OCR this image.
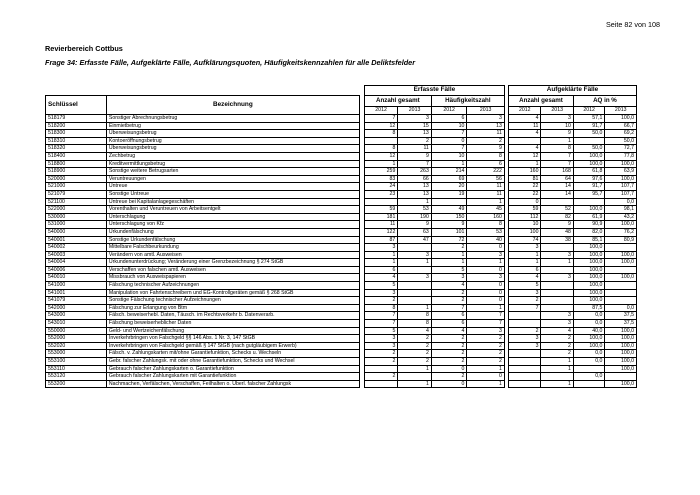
Seite 82 von 108
Revierbereich Cottbus
Frage 34: Erfasste Fälle, Aufgeklärte Fälle, Aufklärungsquoten, Häufigkeitskennzahlen für alle Deliktsfelder
			Erfasste Fälle					Aufgeklärte Fälle			
Schlüssel	Bezeichnung		Anzahl gesamt		Häufigkeitszahl			Anzahl gesamt		AQ in %	
			2012	2013	2012	2013		2012	2013	2012	2013
518179	Sonstiger Abrechnungsbetrug		7	3	6	3		4	3	57,1	100,0
518200	Einmietbetrug		12	15	10	13		11	10	91,7	66,7
518300	Überweisungsbetrug		8	13	7	11		4	9	50,0	69,2
518310	Kontoeröffnungsbetrug			2	0	2			1		50,0
518320	Überweisungsbetrug		8	11	7	9		4	8	50,0	72,7
518400	Zechbetrug		12	9	10	8		12	7	100,0	77,8
518800	Kreditvermittlungsbetrug		1	7	1	6		1	7	100,0	100,0
518900	Sonstige weitere Betrugsarten		259	263	214	222		160	168	61,8	63,9
520000	Veruntreuungen		83	66	69	56		81	64	97,6	100,0
521000	Untreue		24	13	20	11		22	14	91,7	107,7
521079	Sonstige Untreue		23	13	19	11		22	14	95,7	107,7
521100	Untreue bei Kapitalanlagegeschäften			1		1		0			0,0
522000	Vorenthalten und Veruntreuen von Arbeitsentgelt		59	53	49	45		59	52	100,0	98,1
530000	Unterschlagung		181	190	150	160		112	82	61,9	43,2
531000	Unterschlagung von Kfz		11	9	9	8		10	9	90,9	100,0
540000	Urkundenfälschung		122	63	101	53		100	48	82,0	76,2
540001	Sonstige Urkundenfälschung		87	47	72	40		74	38	85,1	80,9
540002	Mittelbare Falschbeurkundung		3		2	0		3		100,0	
540003	Verändern von amtl. Ausweisen		1	3	1	3		1	3	100,0	100,0
540004	Urkundenunterdrückung; Veränderung einer Grenzbezeichnung § 274 StGB		1	1	1	1		1	1	100,0	100,0
540006	Verschaffen von falschen amtl. Ausweisen		6		5	0		6		100,0	
540010	Missbrauch von Ausweispapieren		4	3	3	3		4	3	100,0	100,0
541000	Fälschung technischer Aufzeichnungen		5		4	0		5		100,0	
541001	Manipulation von Fahrtenschreibern und EG-Kontrollgeräten gemäß § 268 StGB		3		2	0		3		100,0	
541079	Sonstige Fälschung technischer Aufzeichnungen		2		2	0		2		100,0	
542000	Fälschung zur Erlangung von Btm		8	1	7	1		7		87,5	0,0
543000	Fälsch. beweiserhebl. Daten, Täusch. im Rechtsverkehr b. Datenverarb.		7	8	6	7			3	0,0	37,5
543010	Fälschung beweiserheblicher Daten		7	8	6	7			3	0,0	37,5
550000	Geld- und Wertzeichenfälschung		5	4	4	3		2	4	40,0	100,0
552000	Inverkehrbringen von Falschgeld §§ 146 Abs. 1 Nr. 3, 147 StGB		3	2	2	2		3	2	100,0	100,0
552020	Inverkehrbringen von Falschgeld gemäß § 147 StGB (nach gutgläubigem Erwerb)		3	2	2	2		3	2	100,0	100,0
553000	Fälsch. v. Zahlungskarten mit/ohne Garantiefunktion, Schecks u. Wechseln		2	2	2	2			2	0,0	100,0
553100	Gebr. falscher Zahlungsk. mit oder ohne Garantiefunktion, Schecks und Wechsel		2	2	2	2			1	0,0	100,0
553110	Gebrauch falscher Zahlungskarten o. Garantiefunktion			1	0	1			1		100,0
553120	Gebrauch falscher Zahlungskarten mit Garantiefunktion		2		2	0				0,0	
553200	Nachmachen, Verfälschen, Verschaffen, Feilhalten o. Überl. falscher Zahlungsk			1	0	1			1		100,0
